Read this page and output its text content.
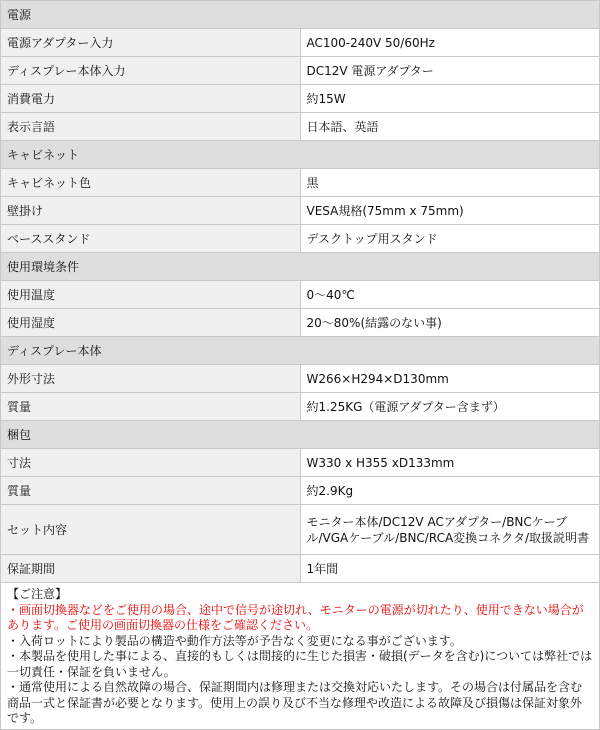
電源	
電源アダプター入力	AC100-240V 50/60Hz
ディスプレー本体入力	DC12V 電源アダプター
消費電力	約15W
表示言語	日本語、英語
キャビネット	
キャビネット色	黒
壁掛け	VESA規格(75mm x 75mm)
ベーススタンド	デスクトップ用スタンド
使用環境条件	
使用温度	0～40℃
使用湿度	20～80%(結露のない事)
ディスプレー本体	
外形寸法	W266×H294×D130mm
質量	約1.25KG（電源アダプター含まず）
梱包	
寸法	W330 x H355 xD133mm
質量	約2.9Kg
セット内容	モニター本体/DC12V ACアダプター/BNCケーブル/VGAケーブル/BNC/RCA変換コネクタ/取扱説明書
保証期間	1年間
【ご注意】
・画面切換器などをご使用の場合、途中で信号が途切れ、モニターの電源が切れたり、使用できない場合があります。ご使用の画面切換器の仕様をご確認ください。
・入荷ロットにより製品の構造や動作方法等が予告なく変更になる事がございます。
・本製品を使用した事による、直接的もしくは間接的に生じた損害・破損(データを含む)については弊社では一切責任・保証を負いません。
・通常使用による自然故障の場合、保証期間内は修理または交換対応いたします。その場合は付属品を含む商品一式と保証書が必要となります。使用上の誤り及び不当な修理や改造による故障及び損傷は保証対象外です。
